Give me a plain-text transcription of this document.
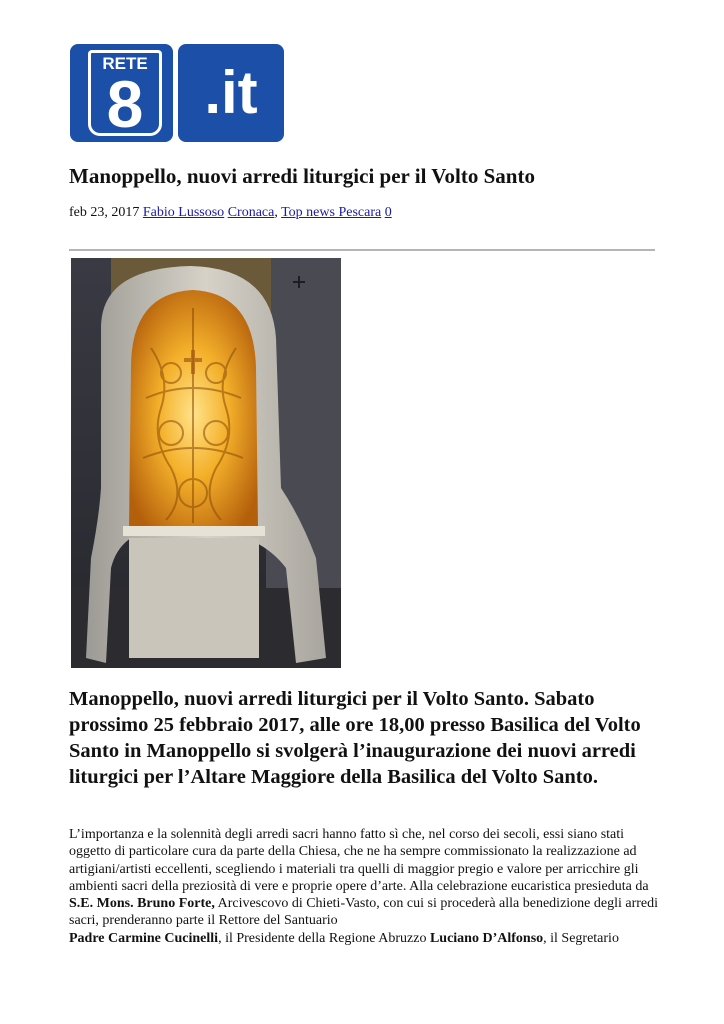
RETE
8	.it
Manoppello, nuovi arredi liturgici per il Volto Santo
feb 23, 2017 Fabio Lussoso Cronaca, Top news Pescara 0

Manoppello, nuovi arredi liturgici per il Volto Santo. Sabato prossimo 25 febbraio 2017, alle ore 18,00 presso Basilica del Volto Santo in Manoppello si svolgerà l’inaugurazione dei nuovi arredi liturgici per l’Altare Maggiore della Basilica del Volto Santo.

L’importanza e la solennità degli arredi sacri hanno fatto sì che, nel corso dei secoli, essi siano stati oggetto di particolare cura da parte della Chiesa, che ne ha sempre commissionato la realizzazione ad artigiani/artisti eccellenti, scegliendo i materiali tra quelli di maggior pregio e valore per arricchire gli ambienti sacri della preziosità di vere e proprie opere d’arte. Alla celebrazione eucaristica presieduta da S.E. Mons. Bruno Forte, Arcivescovo di Chieti-Vasto, con cui si procederà alla benedizione degli arredi sacri, prenderanno parte il Rettore del Santuario
Padre Carmine Cucinelli, il Presidente della Regione Abruzzo Luciano D’Alfonso, il Segretario
